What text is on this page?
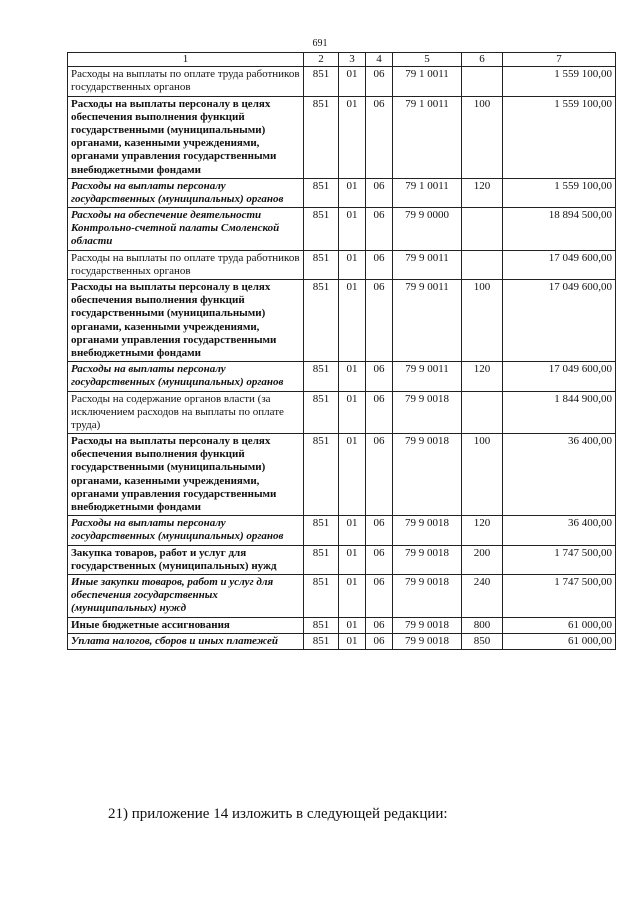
691
1	2	3	4	5	6	7
Расходы на выплаты по оплате труда работников государственных органов	851	01	06	79 1 0011		1 559 100,00
Расходы на выплаты персоналу в целях обеспечения выполнения функций государственными (муниципальными) органами, казенными учреждениями, органами управления государственными внебюджетными фондами	851	01	06	79 1 0011	100	1 559 100,00
Расходы на выплаты персоналу государственных (муниципальных) органов	851	01	06	79 1 0011	120	1 559 100,00
Расходы на обеспечение деятельности Контрольно-счетной палаты Смоленской области	851	01	06	79 9 0000		18 894 500,00
Расходы на выплаты по оплате труда работников государственных органов	851	01	06	79 9 0011		17 049 600,00
Расходы на выплаты персоналу в целях обеспечения выполнения функций государственными (муниципальными) органами, казенными учреждениями, органами управления государственными внебюджетными фондами	851	01	06	79 9 0011	100	17 049 600,00
Расходы на выплаты персоналу государственных (муниципальных) органов	851	01	06	79 9 0011	120	17 049 600,00
Расходы на содержание органов власти (за исключением расходов на выплаты по оплате труда)	851	01	06	79 9 0018		1 844 900,00
Расходы на выплаты персоналу в целях обеспечения выполнения функций государственными (муниципальными) органами, казенными учреждениями, органами управления государственными внебюджетными фондами	851	01	06	79 9 0018	100	36 400,00
Расходы на выплаты персоналу государственных (муниципальных) органов	851	01	06	79 9 0018	120	36 400,00
Закупка товаров, работ и услуг для государственных (муниципальных) нужд	851	01	06	79 9 0018	200	1 747 500,00
Иные закупки товаров, работ и услуг для обеспечения государственных (муниципальных) нужд	851	01	06	79 9 0018	240	1 747 500,00
Иные бюджетные ассигнования	851	01	06	79 9 0018	800	61 000,00
Уплата налогов, сборов и иных платежей	851	01	06	79 9 0018	850	61 000,00
21) приложение 14 изложить в следующей редакции:
